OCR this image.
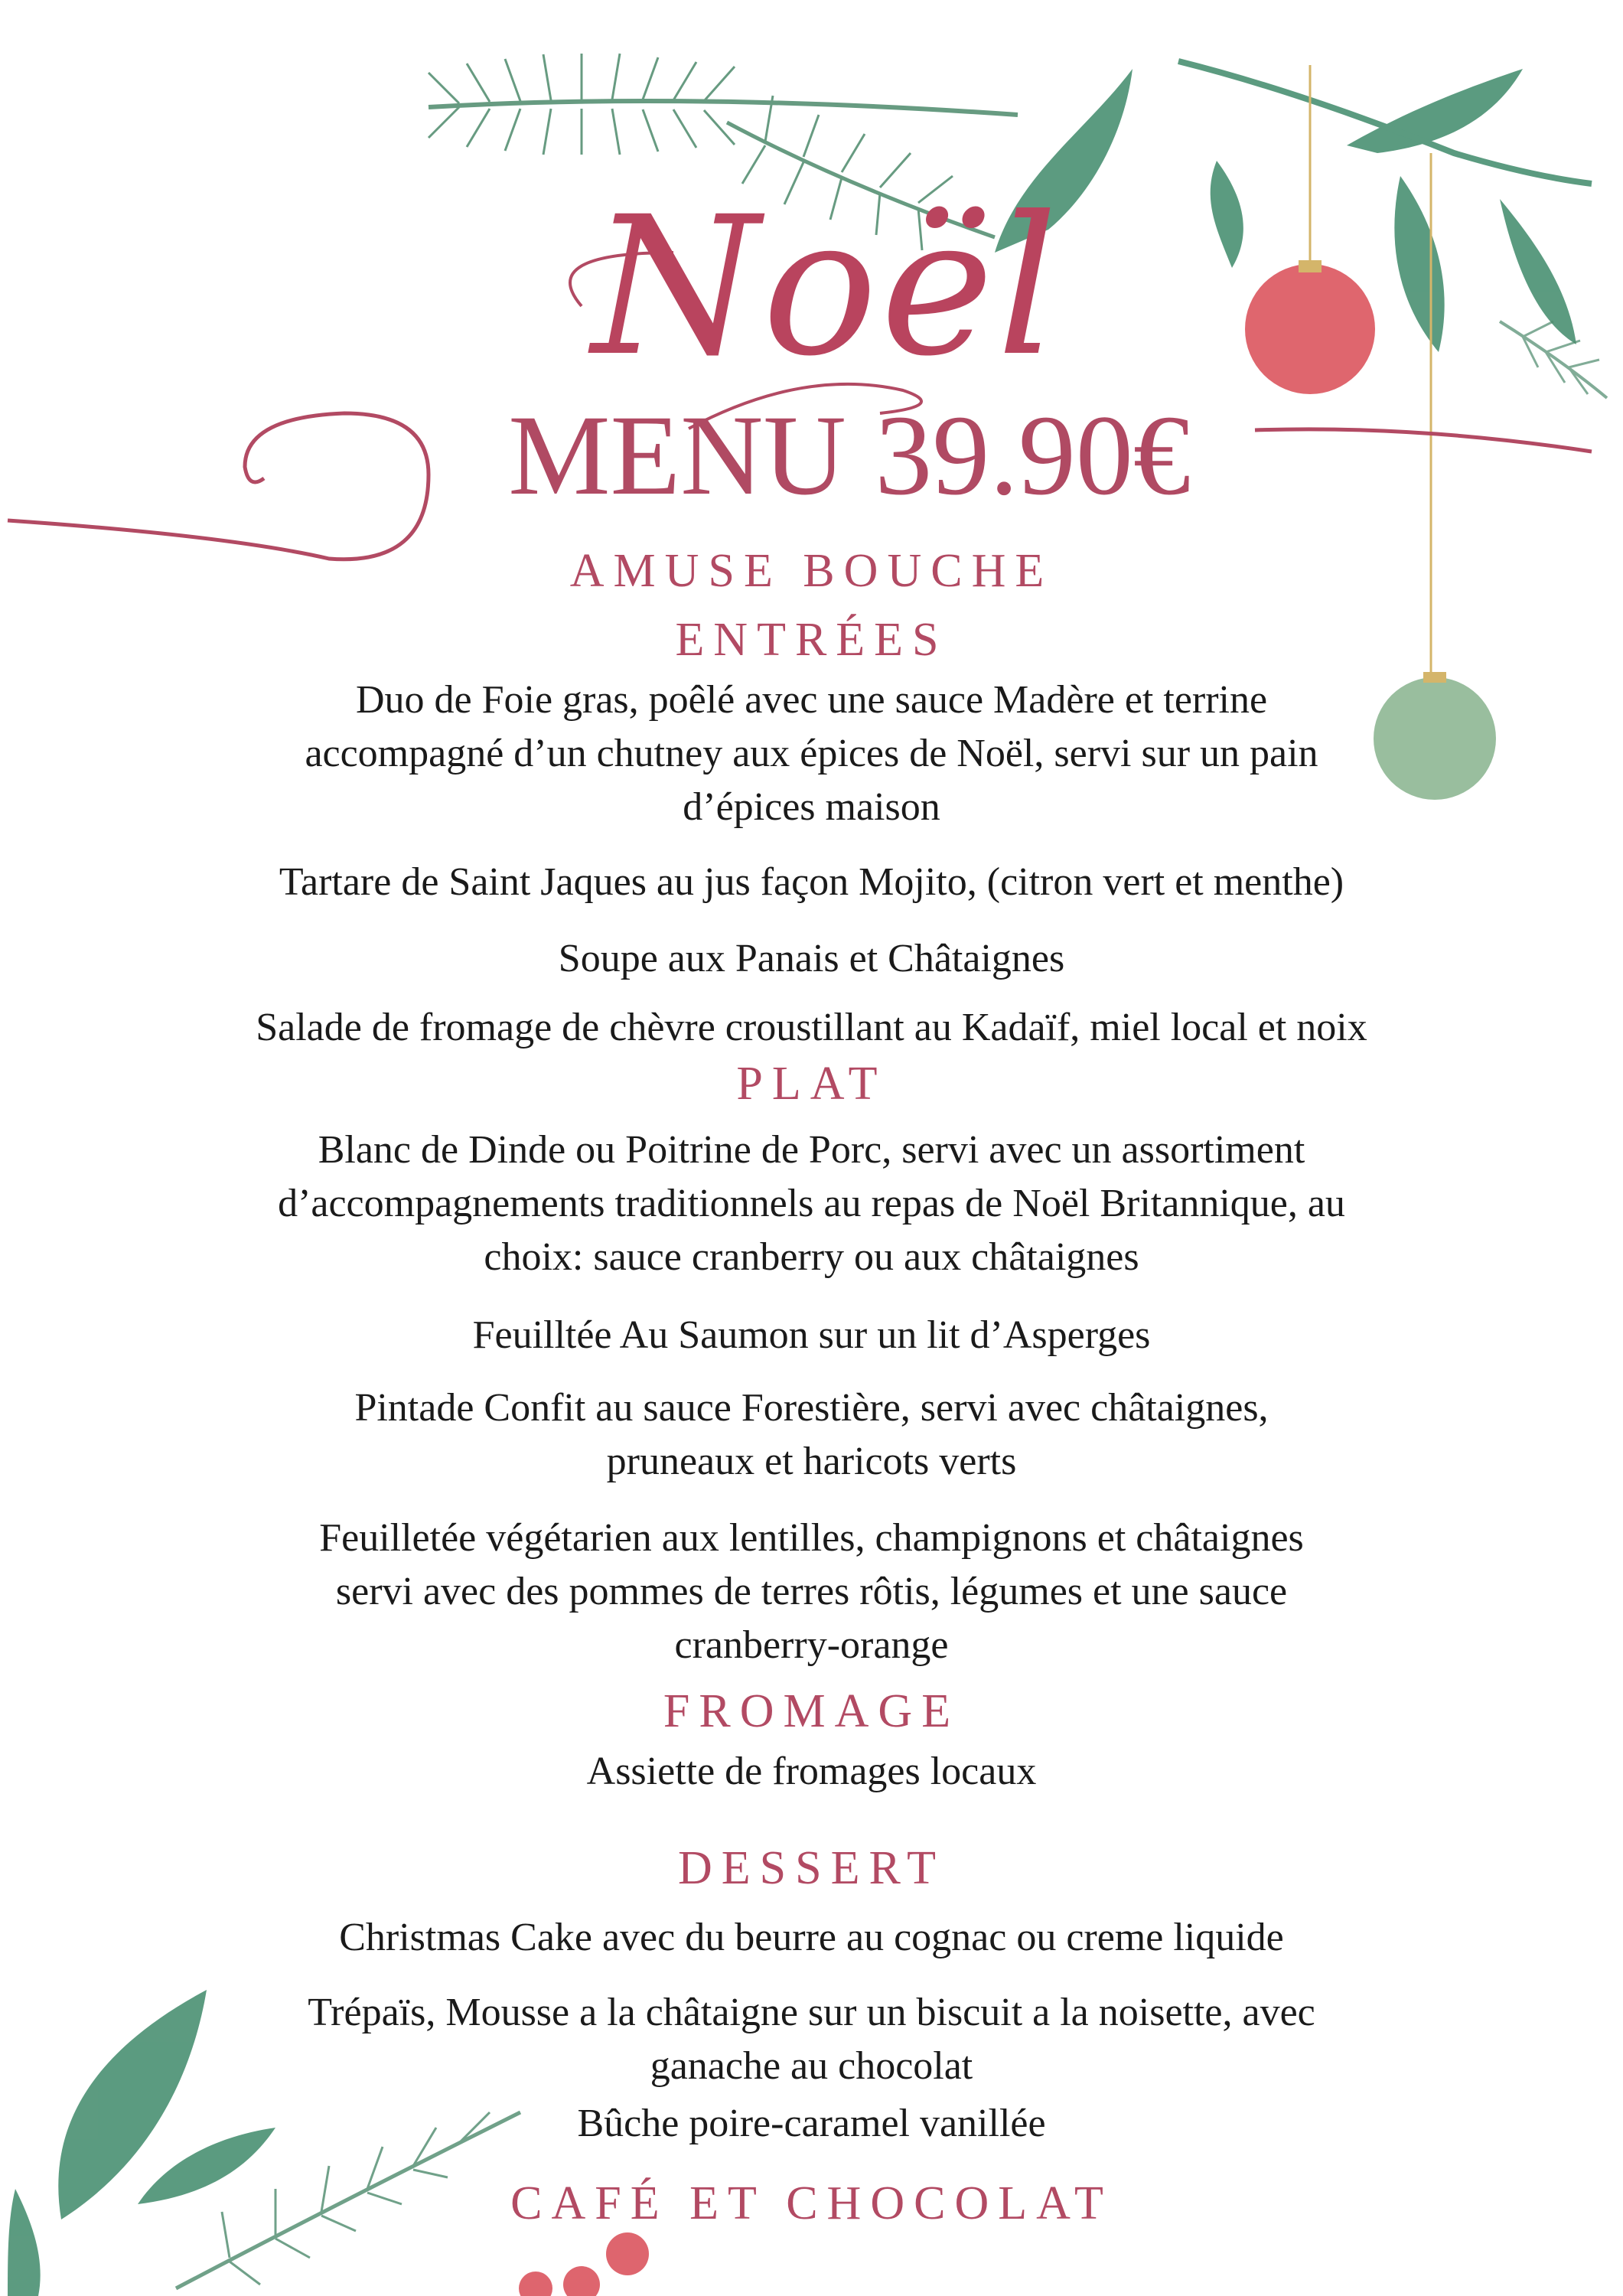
Noël
MENU 39.90€
AMUSE BOUCHE
ENTRÉES
Duo de Foie gras, poêlé avec une sauce Madère et terrine
accompagné d’un chutney aux épices de Noël, servi sur un pain
d’épices maison
Tartare de Saint Jaques au jus façon Mojito, (citron vert et menthe)
Soupe aux Panais et Châtaignes
Salade de fromage de chèvre croustillant au Kadaïf, miel local et noix
PLAT
Blanc de Dinde ou Poitrine de Porc, servi avec un assortiment
d’accompagnements traditionnels au repas de Noël Britannique, au
choix: sauce cranberry ou aux châtaignes
Feuilltée Au Saumon sur un lit d’Asperges
Pintade Confit au sauce Forestière, servi avec châtaignes,
pruneaux et haricots verts
Feuilletée végétarien aux lentilles, champignons et châtaignes
servi avec des pommes de terres rôtis, légumes et une sauce
cranberry-orange
FROMAGE
Assiette de fromages locaux
DESSERT
Christmas Cake avec du beurre au cognac ou creme liquide
Trépaïs, Mousse a la châtaigne sur un biscuit a la noisette, avec
ganache au chocolat
Bûche poire-caramel vanillée
CAFÉ ET CHOCOLAT
